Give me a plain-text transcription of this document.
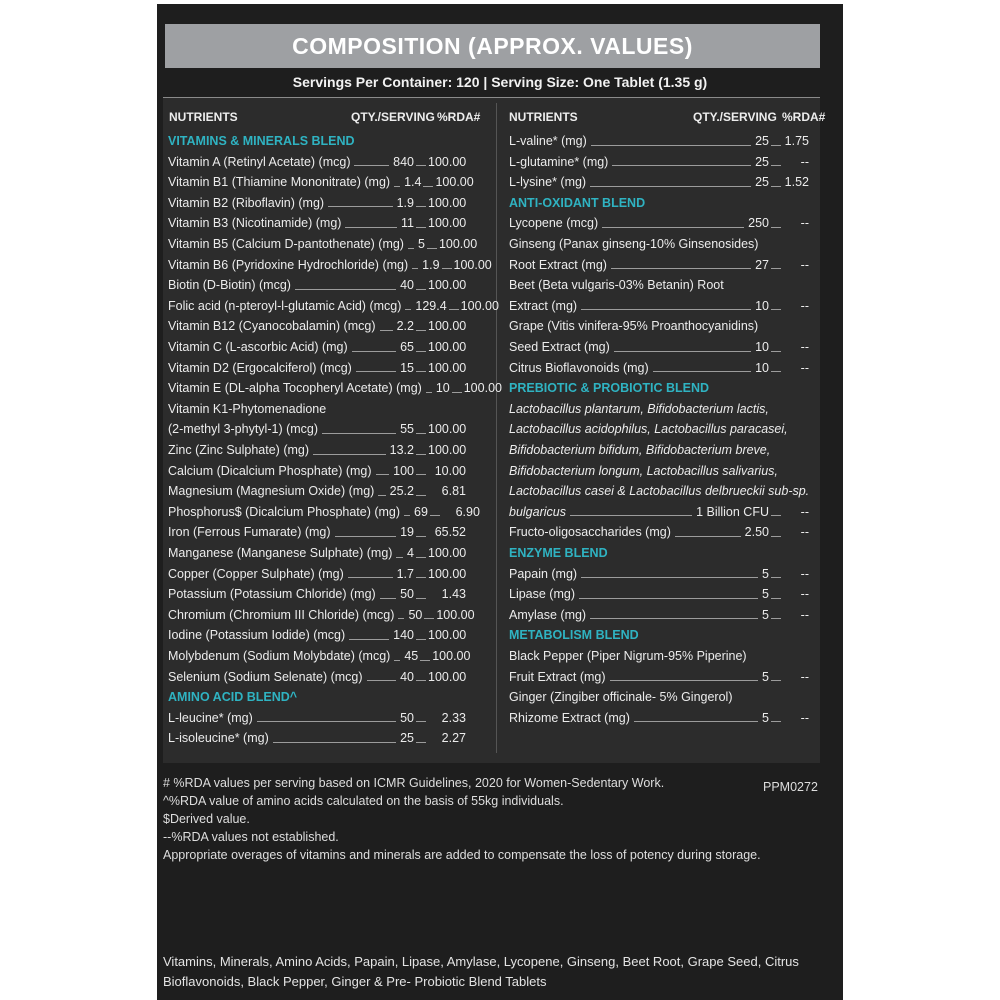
COMPOSITION (APPROX. VALUES)
Servings Per Container: 120 | Serving Size: One Tablet (1.35 g)
NUTRIENTS	QTY./SERVING %RDA# NUTRIENTS	QTY./SERVING %RDA#
VITAMINS & MINERALS BLEND
Vitamin A (Retinyl Acetate) (mcg)	840 100.00
Vitamin B1 (Thiamine Mononitrate) (mg) 1.4 100.00
Vitamin B2 (Riboflavin) (mg)	1.9 100.00
Vitamin B3 (Nicotinamide) (mg)	11 100.00
Vitamin B5 (Calcium D-pantothenate) (mg) 5 100.00
Vitamin B6 (Pyridoxine Hydrochloride) (mg) 1.9 100.00
Biotin (D-Biotin) (mcg)	40 100.00
Folic acid (n-pteroyl-l-glutamic Acid) (mcg) 129.4 100.00
Vitamin B12 (Cyanocobalamin) (mcg) 2.2 100.00
Vitamin C (L-ascorbic Acid) (mg)	65 100.00
Vitamin D2 (Ergocalciferol) (mcg)	15 100.00
Vitamin E (DL-alpha Tocopheryl Acetate) (mg) 10 100.00
Vitamin K1-Phytomenadione
(2-methyl 3-phytyl-1) (mcg)	55 100.00
Zinc (Zinc Sulphate) (mg)	13.2 100.00
Calcium (Dicalcium Phosphate) (mg) 100	10.00
Magnesium (Magnesium Oxide) (mg) 25.2	6.81
Phosphorus$ (Dicalcium Phosphate) (mg) 69	6.90
Iron (Ferrous Fumarate) (mg)	19	65.52
Manganese (Manganese Sulphate) (mg) 4 100.00
Copper (Copper Sulphate) (mg)	1.7 100.00
Potassium (Potassium Chloride) (mg) 50	1.43
Chromium (Chromium III Chloride) (mcg) 50 100.00
Iodine (Potassium Iodide) (mcg)	140 100.00
Molybdenum (Sodium Molybdate) (mcg) 45 100.00
Selenium (Sodium Selenate) (mcg)	40 100.00
AMINO ACID BLEND^
L-leucine* (mg)	50	2.33
L-isoleucine* (mg)	25	2.27
L-valine* (mg)	25 1.75
L-glutamine* (mg)	25	--
L-lysine* (mg)	25 1.52
ANTI-OXIDANT BLEND
Lycopene (mcg)	250	--
Ginseng (Panax ginseng-10% Ginsenosides)
Root Extract (mg)	27	--
Beet (Beta vulgaris-03% Betanin) Root
Extract (mg)	10	--
Grape (Vitis vinifera-95% Proanthocyanidins)
Seed Extract (mg)	10	--
Citrus Bioflavonoids (mg)	10	--
PREBIOTIC & PROBIOTIC BLEND
Lactobacillus plantarum, Bifidobacterium lactis,
Lactobacillus acidophilus, Lactobacillus paracasei,
Bifidobacterium bifidum, Bifidobacterium breve,
Bifidobacterium longum, Lactobacillus salivarius,
Lactobacillus casei & Lactobacillus delbrueckii sub-sp.
bulgaricus	1 Billion CFU	--
Fructo-oligosaccharides (mg)	2.50	--
ENZYME BLEND
Papain (mg)	5	--
Lipase (mg)	5	--
Amylase (mg)	5	--
METABOLISM BLEND
Black Pepper (Piper Nigrum-95% Piperine)
Fruit Extract (mg)	5	--
Ginger (Zingiber officinale- 5% Gingerol)
Rhizome Extract (mg)	5	--
# %RDA values per serving based on ICMR Guidelines, 2020 for Women-Sedentary Work.
^%RDA value of amino acids calculated on the basis of 55kg individuals.
$Derived value.
--%RDA values not established.
Appropriate overages of vitamins and minerals are added to compensate the loss of potency during storage.
PPM0272
Vitamins, Minerals, Amino Acids, Papain, Lipase, Amylase, Lycopene, Ginseng, Beet Root, Grape Seed, Citrus Bioflavonoids, Black Pepper, Ginger & Pre- Probiotic Blend Tablets
